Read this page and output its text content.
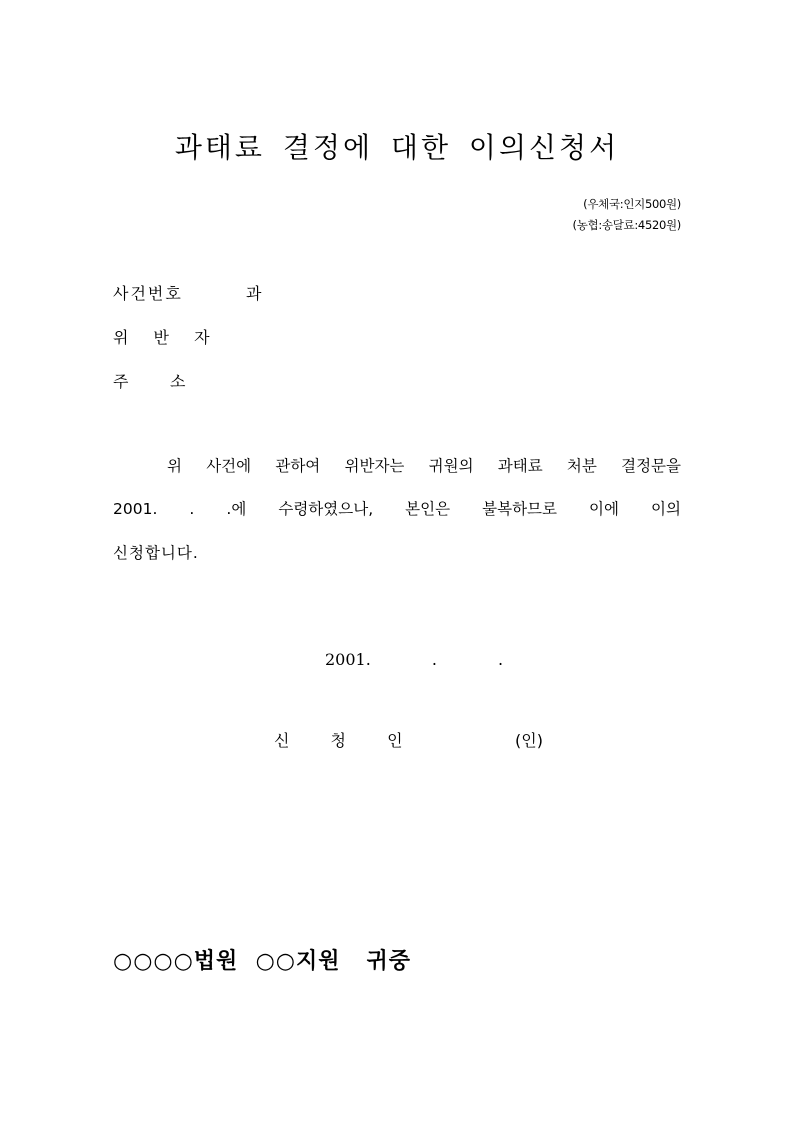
과태료 결정에 대한 이의신청서
(우체국:인지500원)
(농협:송달료:4520원)
사건번호	과
위 반 자
주	소
위 사건에 관하여 위반자는 귀원의 과태료 처분 결정문을
2001. . .에 수령하였으나, 본인은 불복하므로 이에 이의
신청합니다.
2001.            .            .
신 청 인	(인)
○○○○법원  ○○지원   귀중
